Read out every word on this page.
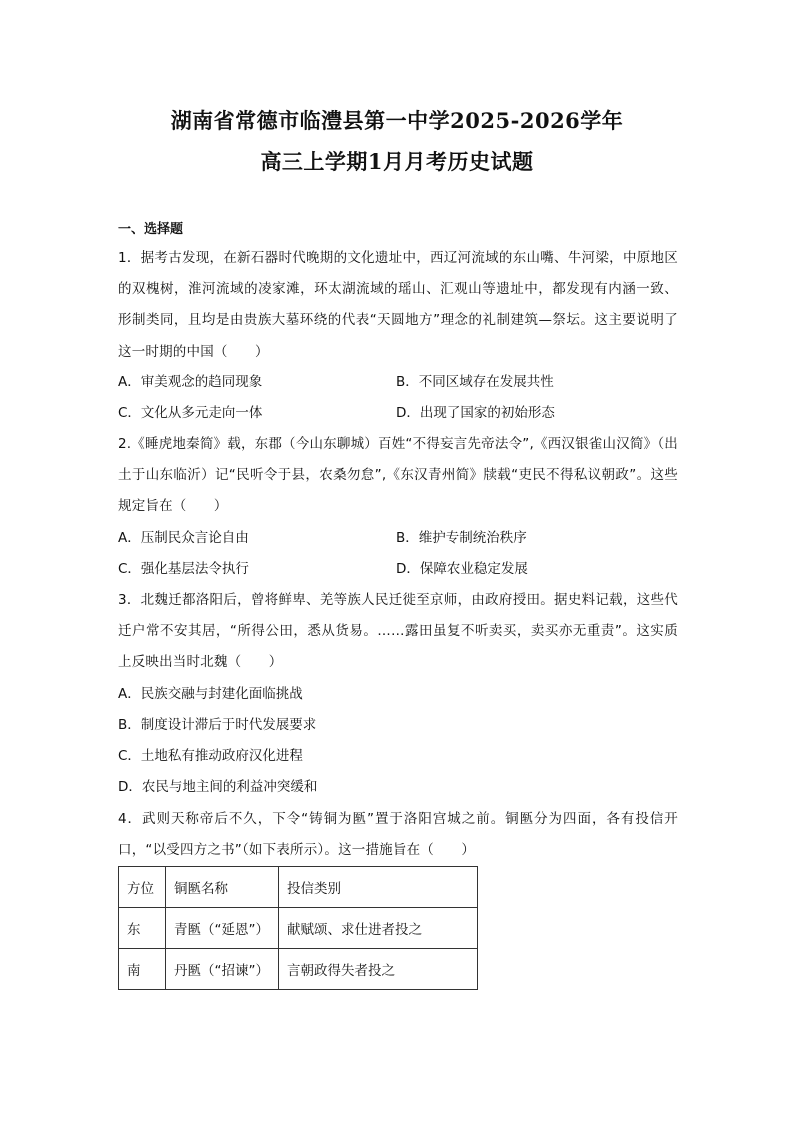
湖南省常德市临澧县第一中学2025-2026学年
高三上学期1月月考历史试题
一、选择题
1．据考古发现，在新石器时代晚期的文化遗址中，西辽河流域的东山嘴、牛河梁，中原地区的双槐树，淮河流域的凌家滩，环太湖流域的瑶山、汇观山等遗址中，都发现有内涵一致、形制类同，且均是由贵族大墓环绕的代表“天圆地方”理念的礼制建筑—祭坛。这主要说明了这一时期的中国（　　）
A．审美观念的趋同现象	B．不同区域存在发展共性
C．文化从多元走向一体	D．出现了国家的初始形态
2.《睡虎地秦简》载，东郡（今山东聊城）百姓“不得妄言先帝法令”,《西汉银雀山汉简》（出土于山东临沂）记“民听令于县，农桑勿怠”,《东汉青州简》牍载“吏民不得私议朝政”。这些规定旨在（　　）
A．压制民众言论自由	B．维护专制统治秩序
C．强化基层法令执行	D．保障农业稳定发展
3．北魏迁都洛阳后，曾将鲜卑、羌等族人民迁徙至京师，由政府授田。据史料记载，这些代迁户常不安其居，“所得公田，悉从货易。……露田虽复不听卖买，卖买亦无重责”。这实质上反映出当时北魏（　　）
A．民族交融与封建化面临挑战
B．制度设计滞后于时代发展要求
C．土地私有推动政府汉化进程
D．农民与地主间的利益冲突缓和
4．武则天称帝后不久，下令“铸铜为匦”置于洛阳宫城之前。铜匦分为四面，各有投信开口，“以受四方之书”（如下表所示）。这一措施旨在（　　）
方位	铜匦名称	投信类别
东	青匦（“延恩”）	献赋颂、求仕进者投之
南	丹匦（“招谏”）	言朝政得失者投之
